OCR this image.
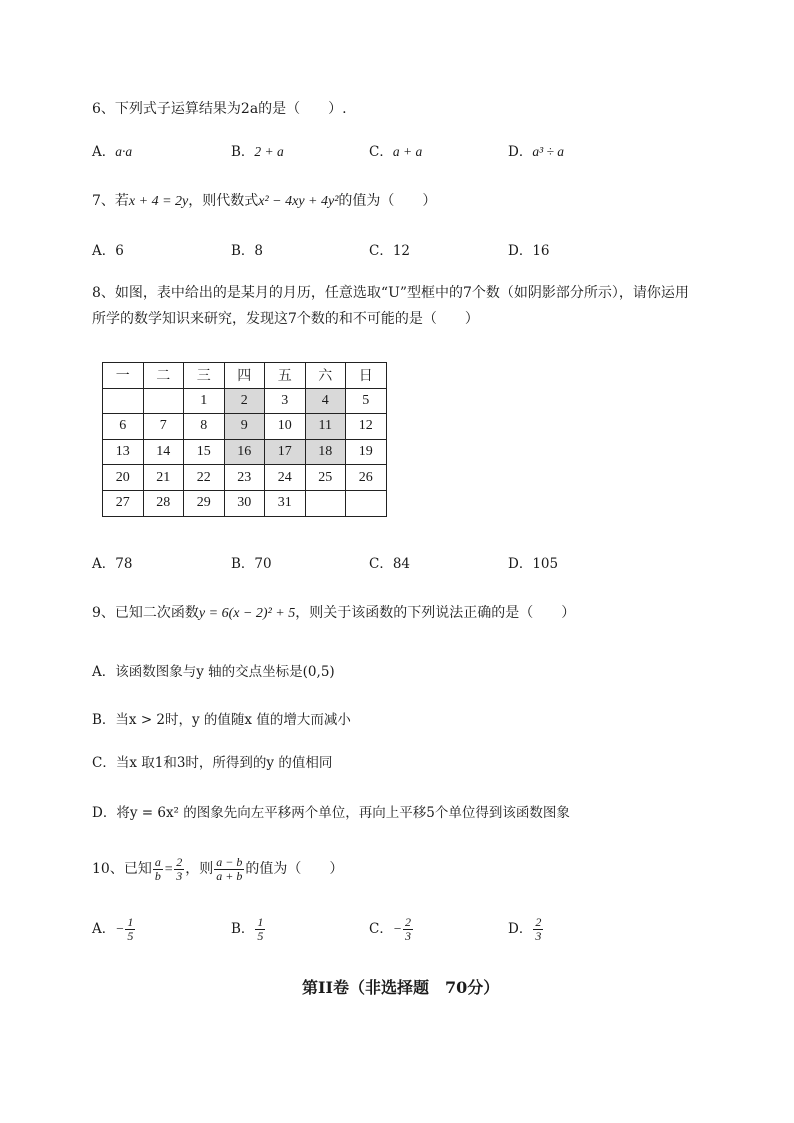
6、下列式子运算结果为2a的是（　　）.
A．a·a	B．2 + a	C．a + a	D．a³ ÷ a
7、若x + 4 = 2y，则代数式x² − 4xy + 4y²的值为（　　）
A．6	B．8	C．12	D．16
8、如图，表中给出的是某月的月历，任意选取“U”型框中的7个数（如阴影部分所示），请你运用
所学的数学知识来研究，发现这7个数的和不可能的是（　　）
一	二	三	四	五	六	日
		1	2	3	4	5
6	7	8	9	10	11	12
13	14	15	16	17	18	19
20	21	22	23	24	25	26
27	28	29	30	31		
A．78	B．70	C．84	D．105
9、已知二次函数y = 6(x − 2)² + 5，则关于该函数的下列说法正确的是（　　）
A．该函数图象与y 轴的交点坐标是(0,5)
B．当x > 2时，y 的值随x 值的增大而减小
C．当x 取1和3时，所得到的y 的值相同
D．将y = 6x² 的图象先向左平移两个单位，再向上平移5个单位得到该函数图象
10、已知 $\frac{a}{b} = \frac{2}{3}$ ，则 $\frac{a - b}{a + b}$ 的值为（　　）
A．− $\frac{1}{5}$	B． $\frac{1}{5}$	C．− $\frac{2}{3}$	D． $\frac{2}{3}$
第II卷（非选择题　70分）
